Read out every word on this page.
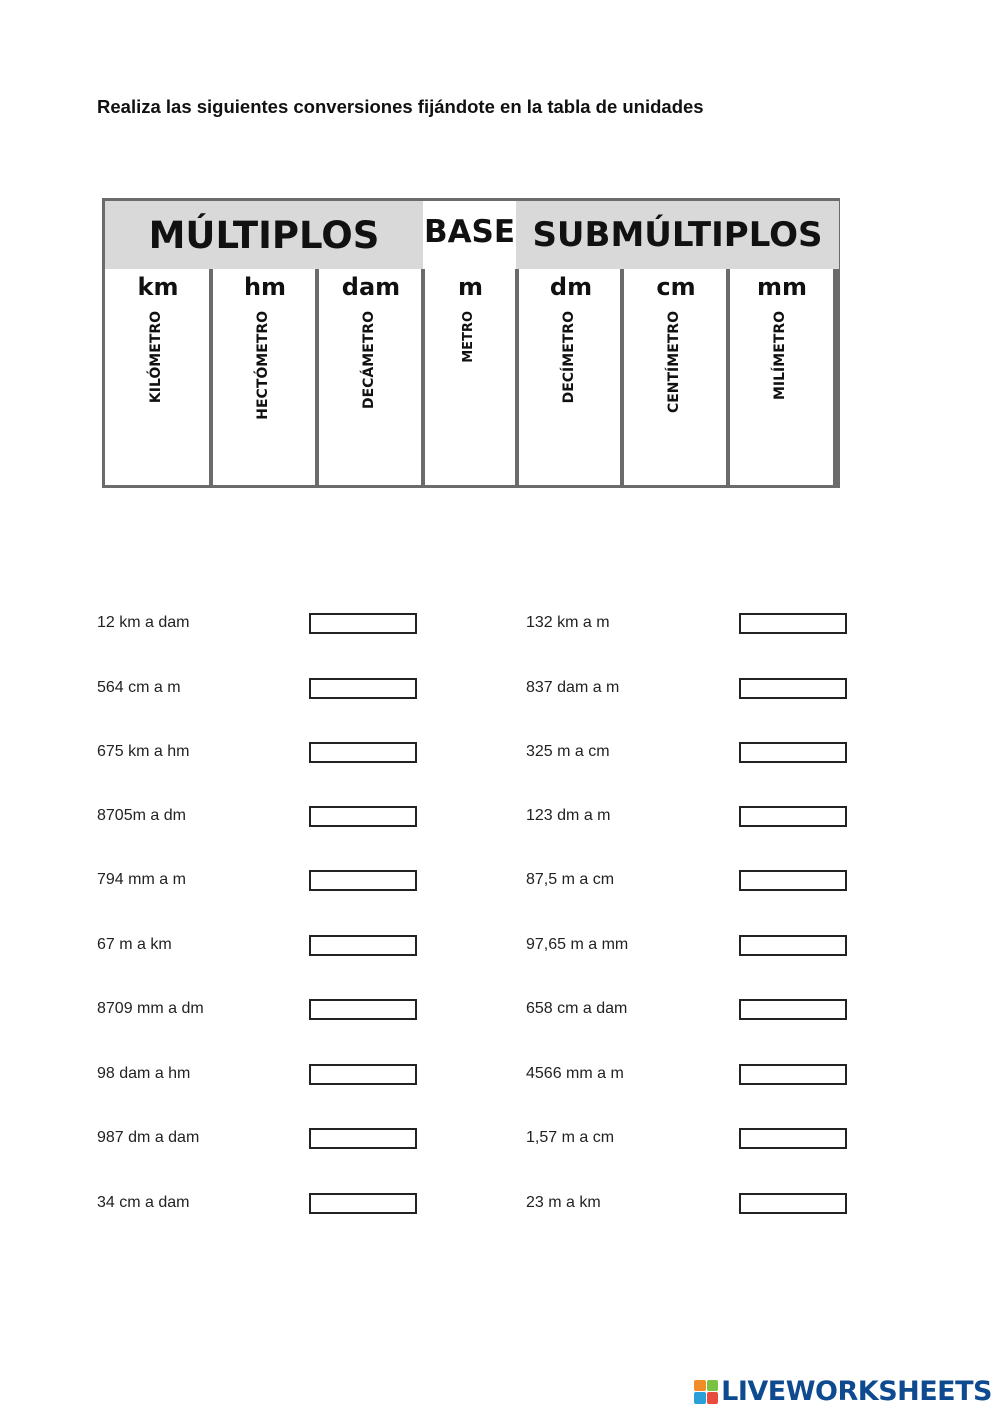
Realiza las siguientes conversiones fijándote en la tabla de unidades
MÚLTIPLOS	BASE SUBMÚLTIPLOS
km
KILÓMETRO
hm
HECTÓMETRO
dam
DECÁMETRO
m
METRO
dm
DECÍMETRO
cm
CENTÍMETRO
mm
MILÍMETRO
12 km a dam
564 cm a m
675 km a hm
8705m a dm
794 mm a m
67 m a km
8709 mm a dm
98 dam a hm
987 dm a dam
34 cm a dam
132 km a m
837 dam a m
325 m a cm
123 dm a m
87,5 m a cm
97,65 m a mm
658 cm a dam
4566 mm a m
1,57 m a cm
23 m a km
LIVEWORKSHEETS
